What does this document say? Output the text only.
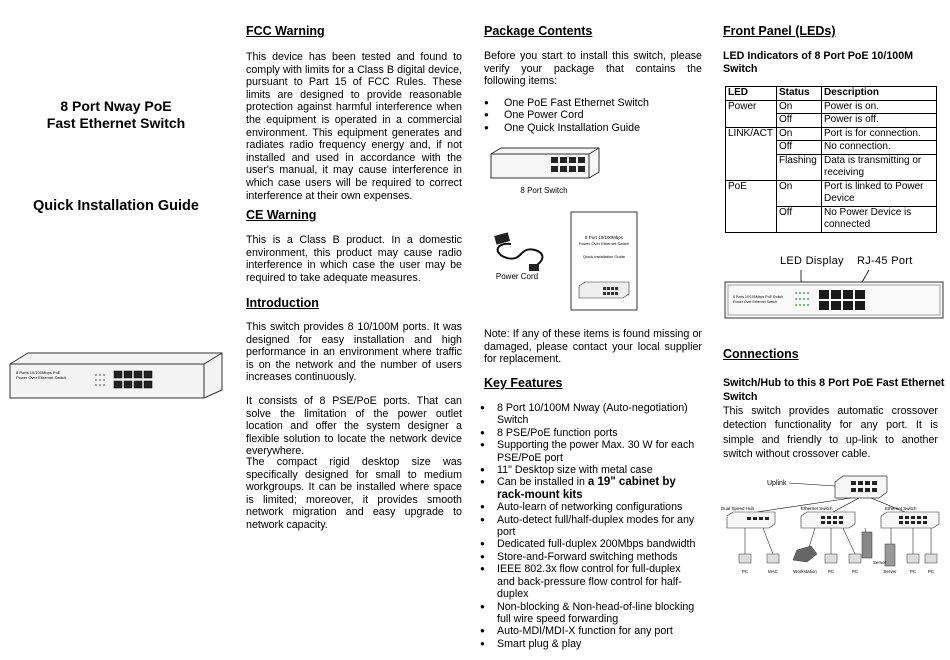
8 Port Nway PoE
Fast Ethernet Switch
Quick Installation Guide
8 Ports 10/100Mbps PoE
Power Over Ethernet Switch
FCC Warning
This device has been tested and found to comply with limits for a Class B digital device, pursuant to Part 15 of FCC Rules. These limits are designed to provide reasonable protection against harmful interference when the equipment is operated in a commercial environment. This equipment generates and radiates radio frequency energy and, if not installed and used in accordance with the user's manual, it may cause interference in which case users will be required to correct interference at their own expenses.
CE Warning
This is a Class B product. In a domestic environment, this product may cause radio interference in which case the user may be required to take adequate measures.
Introduction
This switch provides 8 10/100M ports. It was designed for easy installation and high performance in an environment where traffic is on the network and the number of users increases continuously.
It consists of 8 PSE/PoE ports. That can solve the limitation of the power outlet location and offer the system designer a flexible solution to locate the network device everywhere.
The compact rigid desktop size was specifically designed for small to medium workgroups. It can be installed where space is limited; moreover, it provides smooth network migration and easy upgrade to network capacity.
Package Contents
Before you start to install this switch, please verify your package that contains the following items:
● One PoE Fast Ethernet Switch
● One Power Cord
● One Quick Installation Guide
8 Port Switch
Power Cord
8 Port 10/100Mbps
Power Over Ethernet Switch
Quick Installation Guide
Note: If any of these items is found missing or damaged, please contact your local supplier for replacement.
Key Features
● 8 Port 10/100M Nway (Auto-negotiation) Switch
● 8 PSE/PoE function ports
● Supporting the power Max. 30 W for each PSE/PoE port
● 11" Desktop size with metal case
● Can be installed in a 19" cabinet by rack-mount kits
● Auto-learn of networking configurations
● Auto-detect full/half-duplex modes for any port
● Dedicated full-duplex 200Mbps bandwidth
● Store-and-Forward switching methods
● IEEE 802.3x flow control for full-duplex and back-pressure flow control for half-duplex
● Non-blocking & Non-head-of-line blocking full wire speed forwarding
● Auto-MDI/MDI-X function for any port
● Smart plug & play
Front Panel (LEDs)
LED Indicators of 8 Port PoE 10/100M Switch
LED	Status	Description
Power	On	Power is on.
	Off	Power is off.
LINK/ACT	On	Port is for connection.
	Off	No connection.
	Flashing	Data is transmitting or receiving
PoE	On	Port is linked to Power Device
	Off	No Power Device is connected
LED Display RJ-45 Port
8 Ports 10/100Mbps PoE Switch
Power Over Ethernet Switch
Connections
Switch/Hub to this 8 Port PoE Fast Ethernet Switch
This switch provides automatic crossover detection functionality for any port. It is simple and friendly to up-link to another switch without crossover cable.
Uplink
Dual Speed Hub	Ethernet Switch	Ethernet Switch
PC	MAC	Workstation PC	PC
Server
Server	PC	PC
